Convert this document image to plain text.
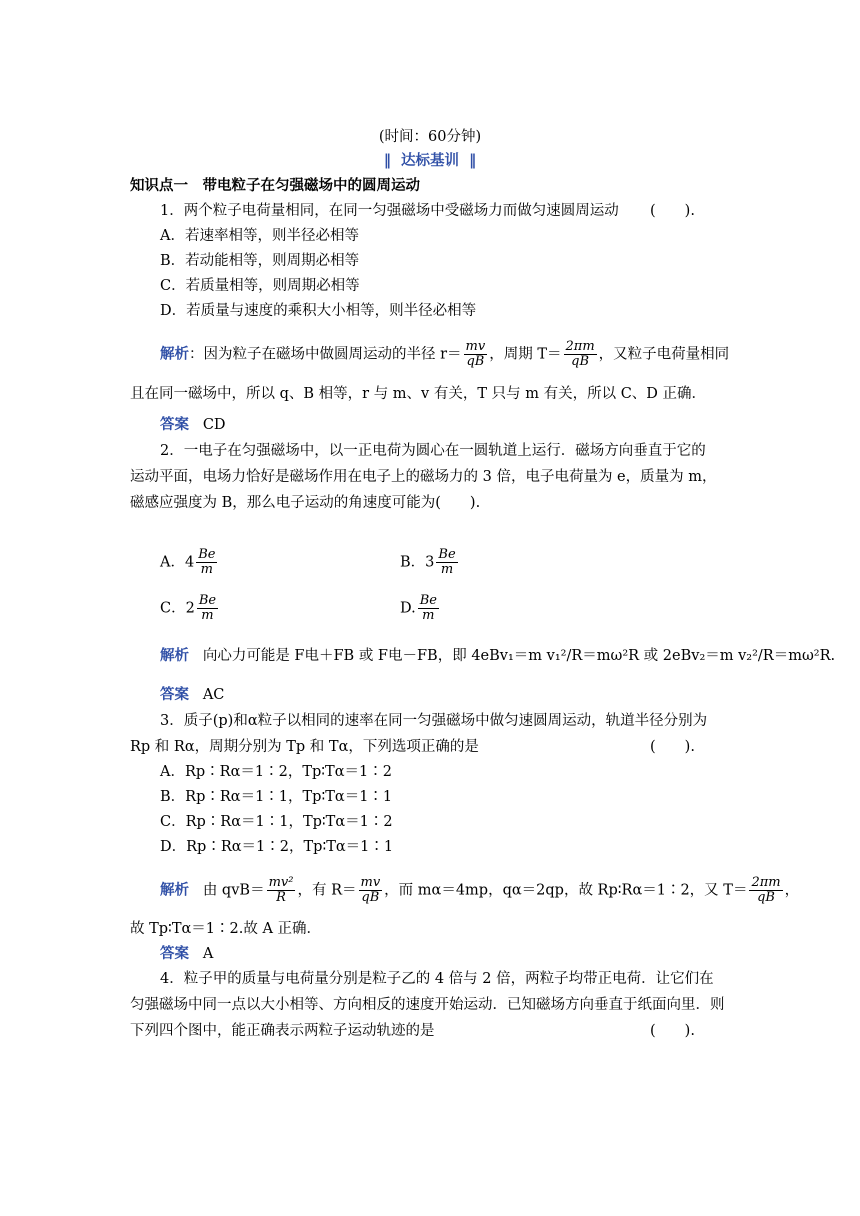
(时间：60分钟)
‖ 达标基训 ‖
知识点一　带电粒子在匀强磁场中的圆周运动
1．两个粒子电荷量相同，在同一匀强磁场中受磁场力而做匀速圆周运动 (　　).
A．若速率相等，则半径必相等
B．若动能相等，则周期必相等
C．若质量相等，则周期必相等
D．若质量与速度的乘积大小相等，则半径必相等
解析：因为粒子在磁场中做圆周运动的半径 $r= \frac{mv}{qB}$ ，周期 $T= \frac{2\pi m}{qB}$ ，又粒子电荷量相同
且在同一磁场中，所以 q、B 相等，r 与 m、v 有关，T 只与 m 有关，所以 C、D 正确．
答案 CD
2．一电子在匀强磁场中，以一正电荷为圆心在一圆轨道上运行．磁场方向垂直于它的
运动平面，电场力恰好是磁场作用在电子上的磁场力的 3 倍，电子电荷量为 e，质量为 m，
磁感应强度为 B，那么电子运动的角速度可能为(　　).
A．$4 \frac{Be}{m}$	B．$3 \frac{Be}{m}$
C．$2 \frac{Be}{m}$	D. $\frac{Be}{m}$
解析 向心力可能是 F电＋FB 或 F电－FB，即 4eBv₁＝m v₁²/R＝mω²R 或 2eBv₂＝m v₂²/R＝mω²R.
答案 AC
3．质子(p)和α粒子以相同的速率在同一匀强磁场中做匀速圆周运动，轨道半径分别为
Rp 和 Rα，周期分别为 Tp 和 Tα，下列选项正确的是	(　　).
A．Rp∶Rα＝1∶2，Tp∶Tα＝1∶2
B．Rp∶Rα＝1∶1，Tp∶Tα＝1∶1
C．Rp∶Rα＝1∶1，Tp∶Tα＝1∶2
D．Rp∶Rα＝1∶2，Tp∶Tα＝1∶1
解析   由 $qvB= \frac{\text{mv²}}{R}$ ，有 $R= \frac{mv}{qB}$ ，而 mα＝4mp，qα＝2qp，故 Rp∶Rα＝1∶2，又 $T= \frac{2\pi m}{qB}$ ，
故 Tp∶Tα＝1∶2.故 A 正确．
答案 A
4．粒子甲的质量与电荷量分别是粒子乙的 4 倍与 2 倍，两粒子均带正电荷．让它们在
匀强磁场中同一点以大小相等、方向相反的速度开始运动．已知磁场方向垂直于纸面向里．则
下列四个图中，能正确表示两粒子运动轨迹的是	(　　).
